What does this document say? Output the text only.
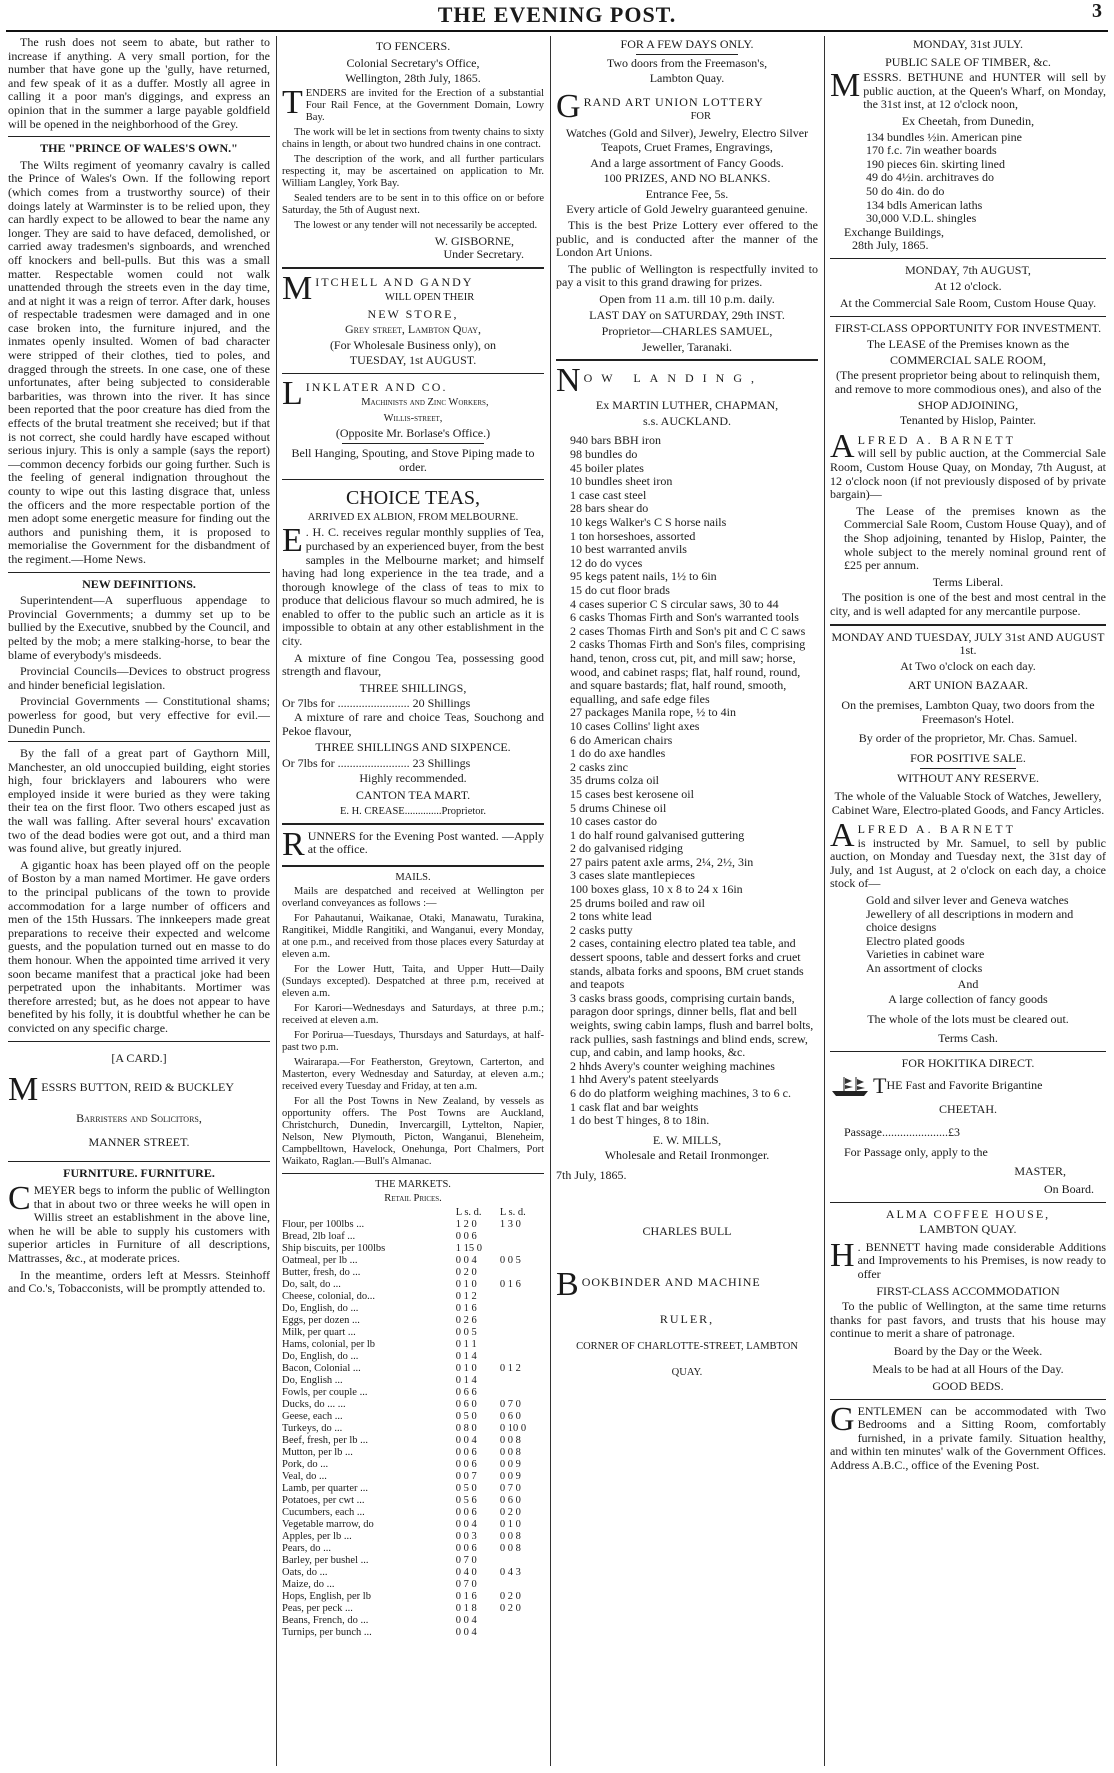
THE EVENING POST.	3

The rush does not seem to abate, but rather to increase if anything. A very small portion, for the number that have gone up the 'gully, have returned, and few speak of it as a duffer. Mostly all agree in calling it a poor man's diggings, and express an opinion that in the summer a large payable goldfield will be opened in the neighborhood of the Grey.

THE "PRINCE OF WALES'S OWN."

The Wilts regiment of yeomanry cavalry is called the Prince of Wales's Own. If the following report (which comes from a trustworthy source) of their doings lately at Warminster is to be relied upon, they can hardly expect to be allowed to bear the name any longer. They are said to have defaced, demolished, or carried away tradesmen's signboards, and wrenched off knockers and bell-pulls. But this was a small matter. Respectable women could not walk unattended through the streets even in the day time, and at night it was a reign of terror. After dark, houses of respectable tradesmen were damaged and in one case broken into, the furniture injured, and the inmates openly insulted. Women of bad character were stripped of their clothes, tied to poles, and dragged through the streets. In one case, one of these unfortunates, after being subjected to considerable barbarities, was thrown into the river. It has since been reported that the poor creature has died from the effects of the brutal treatment she received; but if that is not correct, she could hardly have escaped without serious injury. This is only a sample (says the report)—common decency forbids our going further. Such is the feeling of general indignation throughout the county to wipe out this lasting disgrace that, unless the officers and the more respectable portion of the men adopt some energetic measure for finding out the authors and punishing them, it is proposed to memorialise the Government for the disbandment of the regiment.—Home News.

NEW DEFINITIONS.

Superintendent—A superfluous appendage to Provincial Governments; a dummy set up to be bullied by the Executive, snubbed by the Council, and pelted by the mob; a mere stalking-horse, to bear the blame of everybody's misdeeds.

Provincial Councils—Devices to obstruct progress and hinder beneficial legislation.

Provincial Governments — Constitutional shams; powerless for good, but very effective for evil.—Dunedin Punch.

By the fall of a great part of Gaythorn Mill, Manchester, an old unoccupied building, eight stories high, four bricklayers and labourers who were employed inside it were buried as they were taking their tea on the first floor. Two others escaped just as the wall was falling. After several hours' excavation two of the dead bodies were got out, and a third man was found alive, but greatly injured.

A gigantic hoax has been played off on the people of Boston by a man named Mortimer. He gave orders to the principal publicans of the town to provide accommodation for a large number of officers and men of the 15th Hussars. The innkeepers made great preparations to receive their expected and welcome guests, and the population turned out en masse to do them honour. When the appointed time arrived it very soon became manifest that a practical joke had been perpetrated upon the inhabitants. Mortimer was therefore arrested; but, as he does not appear to have benefited by his folly, it is doubtful whether he can be convicted on any specific charge.

[A CARD.]
M ESSRS BUTTON, REID & BUCKLEY
Barristers and Solicitors,
MANNER STREET.
FURNITURE. FURNITURE.
C MEYER begs to inform the public of Wellington that in about two or three weeks he will open in Willis street an establishment in the above line, when he will be able to supply his customers with superior articles in Furniture of all descriptions, Mattrasses, &c., at moderate prices.

In the meantime, orders left at Messrs. Steinhoff and Co.'s, Tobacconists, will be promptly attended to.

TO FENCERS.
Colonial Secretary's Office,
Wellington, 28th July, 1865.
T ENDERS are invited for the Erection of a substantial Four Rail Fence, at the Government Domain, Lowry Bay.

The work will be let in sections from twenty chains to sixty chains in length, or about two hundred chains in one contract.

The description of the work, and all further particulars respecting it, may be ascertained on application to Mr. William Langley, York Bay.

Sealed tenders are to be sent in to this office on or before Saturday, the 5th of August next.

The lowest or any tender will not necessarily be accepted.

W. GISBORNE,
Under Secretary.
M ITCHELL AND GANDY
WILL OPEN THEIR
NEW STORE,
Grey street, Lambton Quay,
(For Wholesale Business only), on
TUESDAY, 1st AUGUST.
L INKLATER AND CO.
Machinists and Zinc Workers,
Willis-street,
(Opposite Mr. Borlase's Office.)
Bell Hanging, Spouting, and Stove Piping made to order.
CHOICE TEAS,
ARRIVED EX ALBION, FROM MELBOURNE.
E . H. C. receives regular monthly supplies of Tea, purchased by an experienced buyer, from the best samples in the Melbourne market; and himself having had long experience in the tea trade, and a thorough knowlege of the class of teas to mix to produce that delicious flavour so much admired, he is enabled to offer to the public such an article as it is impossible to obtain at any other establishment in the city.

A mixture of fine Congou Tea, possessing good strength and flavour,

THREE SHILLINGS,
Or 7lbs for ........................ 20 Shillings

A mixture of rare and choice Teas, Souchong and Pekoe flavour,

THREE SHILLINGS AND SIXPENCE.
Or 7lbs for ........................ 23 Shillings
Highly recommended.
CANTON TEA MART.
E. H. CREASE..............Proprietor.
R UNNERS for the Evening Post wanted. —Apply at the office.

MAILS.

Mails are despatched and received at Wellington per overland conveyances as follows :—

For Pahautanui, Waikanae, Otaki, Manawatu, Turakina, Rangitikei, Middle Rangitiki, and Wanganui, every Monday, at one p.m., and received from those places every Saturday at eleven a.m.

For the Lower Hutt, Taita, and Upper Hutt—Daily (Sundays excepted). Despatched at three p.m, received at eleven a.m.

For Karori—Wednesdays and Saturdays, at three p.m.; received at eleven a.m.

For Porirua—Tuesdays, Thursdays and Saturdays, at half-past two p.m.

Wairarapa.—For Featherston, Greytown, Carterton, and Masterton, every Wednesday and Saturday, at eleven a.m.; received every Tuesday and Friday, at ten a.m.

For all the Post Towns in New Zealand, by vessels as opportunity offers. The Post Towns are Auckland, Christchurch, Dunedin, Invercargill, Lyttelton, Napier, Nelson, New Plymouth, Picton, Wanganui, Bleneheim, Campbelltown, Havelock, Onehunga, Port Chalmers, Port Waikato, Raglan.—Bull's Almanac.

THE MARKETS.
Retail Prices.
	L s. d.	L s. d.
Flour, per 100lbs ...	1 2 0	1 3 0
Bread, 2lb loaf ...	0 0 6	
Ship biscuits, per 100lbs	1 15 0	
Oatmeal, per lb ...	0 0 4	0 0 5
Butter, fresh, do ...	0 2 0	
Do, salt, do ...	0 1 0	0 1 6
Cheese, colonial, do...	0 1 2	
Do, English, do ...	0 1 6	
Eggs, per dozen ...	0 2 6	
Milk, per quart ...	0 0 5	
Hams, colonial, per lb	0 1 1	
Do, English, do ...	0 1 4	
Bacon, Colonial ...	0 1 0	0 1 2
Do, English ...	0 1 4	
Fowls, per couple ...	0 6 6	
Ducks, do ... ...	0 6 0	0 7 0
Geese, each ...	0 5 0	0 6 0
Turkeys, do ...	0 8 0	0 10 0
Beef, fresh, per lb ...	0 0 4	0 0 8
Mutton, per lb ...	0 0 6	0 0 8
Pork, do ...	0 0 6	0 0 9
Veal, do ...	0 0 7	0 0 9
Lamb, per quarter ...	0 5 0	0 7 0
Potatoes, per cwt ...	0 5 6	0 6 0
Cucumbers, each ...	0 0 6	0 2 0
Vegetable marrow, do	0 0 4	0 1 0
Apples, per lb ...	0 0 3	0 0 8
Pears, do ...	0 0 6	0 0 8
Barley, per bushel ...	0 7 0	
Oats, do ...	0 4 0	0 4 3
Maize, do ...	0 7 0	
Hops, English, per lb	0 1 6	0 2 0
Peas, per peck ...	0 1 8	0 2 0
Beans, French, do ...	0 0 4	
Turnips, per bunch ...	0 0 4	
FOR A FEW DAYS ONLY.
Two doors from the Freemason's,
Lambton Quay.
G RAND ART UNION LOTTERY
FOR
Watches (Gold and Silver), Jewelry, Electro Silver Teapots, Cruet Frames, Engravings,
And a large assortment of Fancy Goods.
100 PRIZES, AND NO BLANKS.
Entrance Fee, 5s.
Every article of Gold Jewelry guaranteed genuine.

This is the best Prize Lottery ever offered to the public, and is conducted after the manner of the London Art Unions.

The public of Wellington is respectfully invited to pay a visit to this grand drawing for prizes.

Open from 11 a.m. till 10 p.m. daily.
LAST DAY on SATURDAY, 29th INST.
Proprietor—CHARLES SAMUEL,
Jeweller, Taranaki.
N OW LANDING,
Ex MARTIN LUTHER, CHAPMAN,
s.s. AUCKLAND.
940 bars BBH iron
98 bundles do
45 boiler plates
10 bundles sheet iron
1 case cast steel
28 bars shear do
10 kegs Walker's C S horse nails
1 ton horseshoes, assorted
10 best warranted anvils
12 do do vyces
95 kegs patent nails, 1½ to 6in
15 do cut floor brads
4 cases superior C S circular saws, 30 to 44
6 casks Thomas Firth and Son's warranted tools
2 cases Thomas Firth and Son's pit and C C saws
2 casks Thomas Firth and Son's files, comprising hand, tenon, cross cut, pit, and mill saw; horse, wood, and cabinet rasps; flat, half round, round, and square bastards; flat, half round, smooth, equalling, and safe edge files
27 packages Manila rope, ½ to 4in
10 cases Collins' light axes
6 do American chairs
1 do do axe handles
2 casks zinc
35 drums colza oil
15 cases best kerosene oil
5 drums Chinese oil
10 cases castor do
1 do half round galvanised guttering
2 do galvanised ridging
27 pairs patent axle arms, 2¼, 2½, 3in
3 cases slate mantlepieces
100 boxes glass, 10 x 8 to 24 x 16in
25 drums boiled and raw oil
2 tons white lead
2 casks putty
2 cases, containing electro plated tea table, and dessert spoons, table and dessert forks and cruet stands, albata forks and spoons, BM cruet stands and teapots
3 casks brass goods, comprising curtain bands, paragon door springs, dinner bells, flat and bell weights, swing cabin lamps, flush and barrel bolts, rack pullies, sash fastnings and blind ends, screw, cup, and cabin, and lamp hooks, &c.
2 hhds Avery's counter weighing machines
1 hhd Avery's patent steelyards
6 do do platform weighing machines, 3 to 6 c.
1 cask flat and bar weights
1 do best T hinges, 8 to 18in.
E. W. MILLS,
Wholesale and Retail Ironmonger.
7th July, 1865.
CHARLES BULL
B OOKBINDER AND MACHINE
RULER,
CORNER OF CHARLOTTE-STREET, LAMBTON
QUAY.
MONDAY, 31st JULY.
PUBLIC SALE OF TIMBER, &c.
M ESSRS. BETHUNE and HUNTER will sell by public auction, at the Queen's Wharf, on Monday, the 31st inst, at 12 o'clock noon,

Ex Cheetah, from Dunedin,
134 bundles ½in. American pine
170 f.c. 7in weather boards
190 pieces 6in. skirting lined
49 do 4½in. architraves do
50 do 4in. do do
134 bdls American laths
30,000 V.D.L. shingles
Exchange Buildings,
28th July, 1865.
MONDAY, 7th AUGUST,
At 12 o'clock.
At the Commercial Sale Room, Custom House Quay.
FIRST-CLASS OPPORTUNITY FOR INVESTMENT.
The LEASE of the Premises known as the
COMMERCIAL SALE ROOM,
(The present proprietor being about to relinquish them, and remove to more commodious ones), and also of the
SHOP ADJOINING,
Tenanted by Hislop, Painter.
A LFRED A. BARNETT

will sell by public auction, at the Commercial Sale Room, Custom House Quay, on Monday, 7th August, at 12 o'clock noon (if not previously disposed of by private bargain)—

The Lease of the premises known as the Commercial Sale Room, Custom House Quay), and of the Shop adjoining, tenanted by Hislop, Painter, the whole subject to the merely nominal ground rent of £25 per annum.

Terms Liberal.

The position is one of the best and most central in the city, and is well adapted for any mercantile purpose.

MONDAY AND TUESDAY, JULY 31st AND AUGUST 1st.
At Two o'clock on each day.
ART UNION BAZAAR.
On the premises, Lambton Quay, two doors from the Freemason's Hotel.
By order of the proprietor, Mr. Chas. Samuel.
FOR POSITIVE SALE.
WITHOUT ANY RESERVE.
The whole of the Valuable Stock of Watches, Jewellery, Cabinet Ware, Electro-plated Goods, and Fancy Articles.
A LFRED A. BARNETT

is instructed by Mr. Samuel, to sell by public auction, on Monday and Tuesday next, the 31st day of July, and 1st August, at 2 o'clock on each day, a choice stock of—

Gold and silver lever and Geneva watches
Jewellery of all descriptions in modern and choice designs
Electro plated goods
Varieties in cabinet ware
An assortment of clocks
And
A large collection of fancy goods
The whole of the lots must be cleared out.
Terms Cash.
FOR HOKITIKA DIRECT.
THE Fast and Favorite Brigantine
CHEETAH.
Passage......................£3
For Passage only, apply to the
MASTER,
On Board.
ALMA COFFEE HOUSE,
LAMBTON QUAY.
H . BENNETT having made considerable Additions and Improvements to his Premises, is now ready to offer

FIRST-CLASS ACCOMMODATION

To the public of Wellington, at the same time returns thanks for past favors, and trusts that his house may continue to merit a share of patronage.

Board by the Day or the Week.
Meals to be had at all Hours of the Day.
GOOD BEDS.
G ENTLEMEN can be accommodated with Two Bedrooms and a Sitting Room, comfortably furnished, in a private family. Situation healthy, and within ten minutes' walk of the Government Offices. Address A.B.C., office of the Evening Post.
